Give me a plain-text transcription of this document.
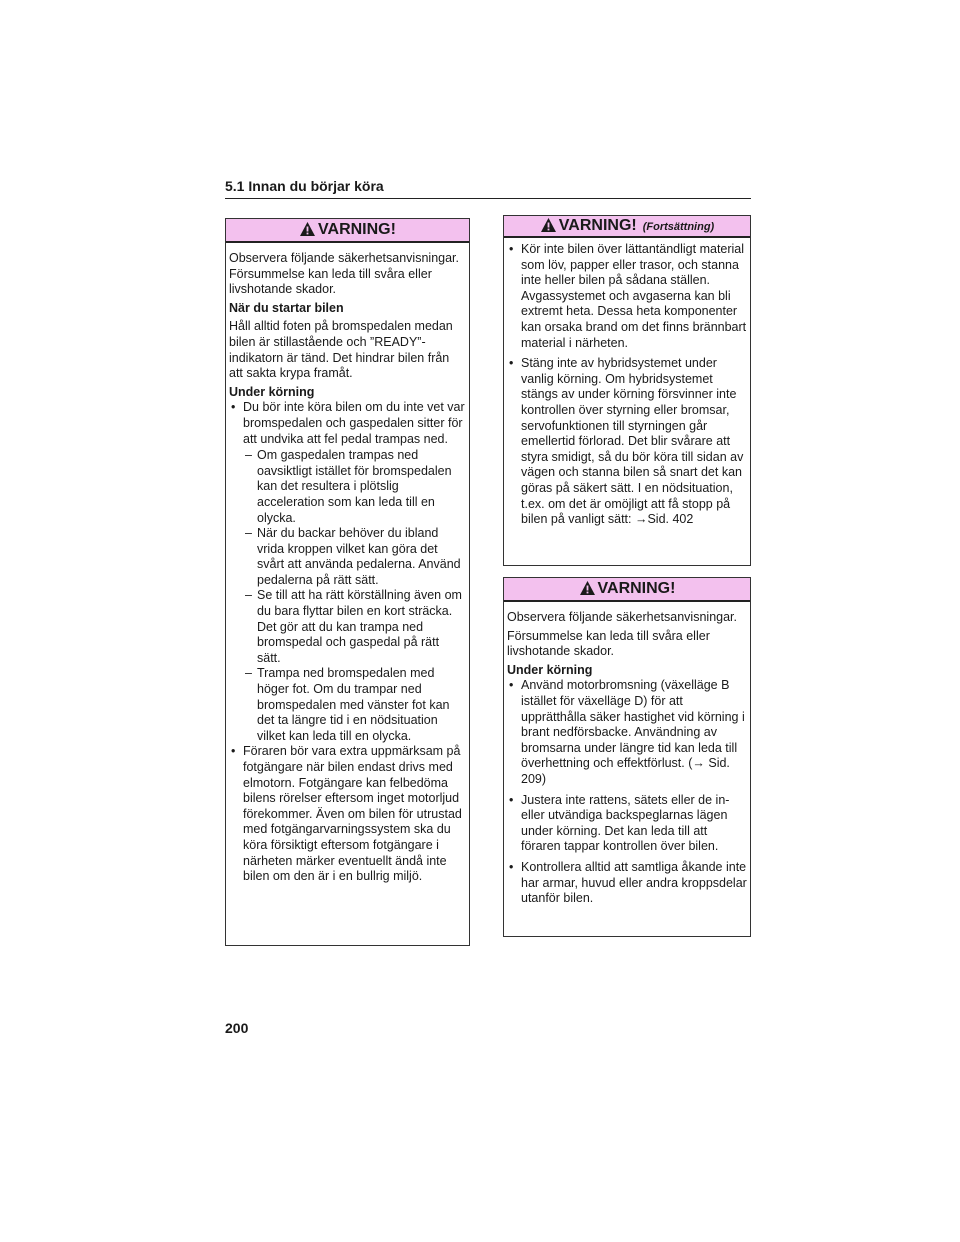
5.1 Innan du börjar köra
VARNING!

Observera följande säkerhetsanvisningar. Försummelse kan leda till svåra eller livshotande skador.

När du startar bilen

Håll alltid foten på bromspedalen medan bilen är stillastående och ”READY”-indikatorn är tänd. Det hindrar bilen från att sakta krypa framåt.

Under körning

• Du bör inte köra bilen om du inte vet var bromspedalen och gaspedalen sitter för att undvika att fel pedal trampas ned.
– Om gaspedalen trampas ned oavsiktligt istället för bromspedalen kan det resultera i plötslig acceleration som kan leda till en olycka.
– När du backar behöver du ibland vrida kroppen vilket kan göra det svårt att använda pedalerna. Använd pedalerna på rätt sätt.
– Se till att ha rätt körställning även om du bara flyttar bilen en kort sträcka. Det gör att du kan trampa ned bromspedal och gaspedal på rätt sätt.
– Trampa ned bromspedalen med höger fot. Om du trampar ned bromspedalen med vänster fot kan det ta längre tid i en nödsituation vilket kan leda till en olycka.
• Föraren bör vara extra uppmärksam på fotgängare när bilen endast drivs med elmotorn. Fotgängare kan felbedöma bilens rörelser eftersom inget motorljud förekommer. Även om bilen för utrustad med fotgängarvarningssystem ska du köra försiktigt eftersom fotgängare i närheten märker eventuellt ändå inte bilen om den är i en bullrig miljö.
VARNING! (Fortsättning)
• Kör inte bilen över lättantändligt material som löv, papper eller trasor, och stanna inte heller bilen på sådana ställen. Avgassystemet och avgaserna kan bli extremt heta. Dessa heta komponenter kan orsaka brand om det finns brännbart material i närheten.
• Stäng inte av hybridsystemet under vanlig körning. Om hybridsystemet stängs av under körning försvinner inte kontrollen över styrning eller bromsar, servofunktionen till styrningen går emellertid förlorad. Det blir svårare att styra smidigt, så du bör köra till sidan av vägen och stanna bilen så snart det kan göras på säkert sätt. I en nödsituation, t.ex. om det är omöjligt att få stopp på bilen på vanligt sätt: →Sid. 402
VARNING!

Observera följande säkerhetsanvisningar.

Försummelse kan leda till svåra eller livshotande skador.

Under körning

• Använd motorbromsning (växelläge B istället för växelläge D) för att upprätthålla säker hastighet vid körning i brant nedförsbacke. Användning av bromsarna under längre tid kan leda till överhettning och effektförlust. (→ Sid. 209)
• Justera inte rattens, sätets eller de in- eller utvändiga backspeglarnas lägen under körning. Det kan leda till att föraren tappar kontrollen över bilen.
• Kontrollera alltid att samtliga åkande inte har armar, huvud eller andra kroppsdelar utanför bilen.
200
